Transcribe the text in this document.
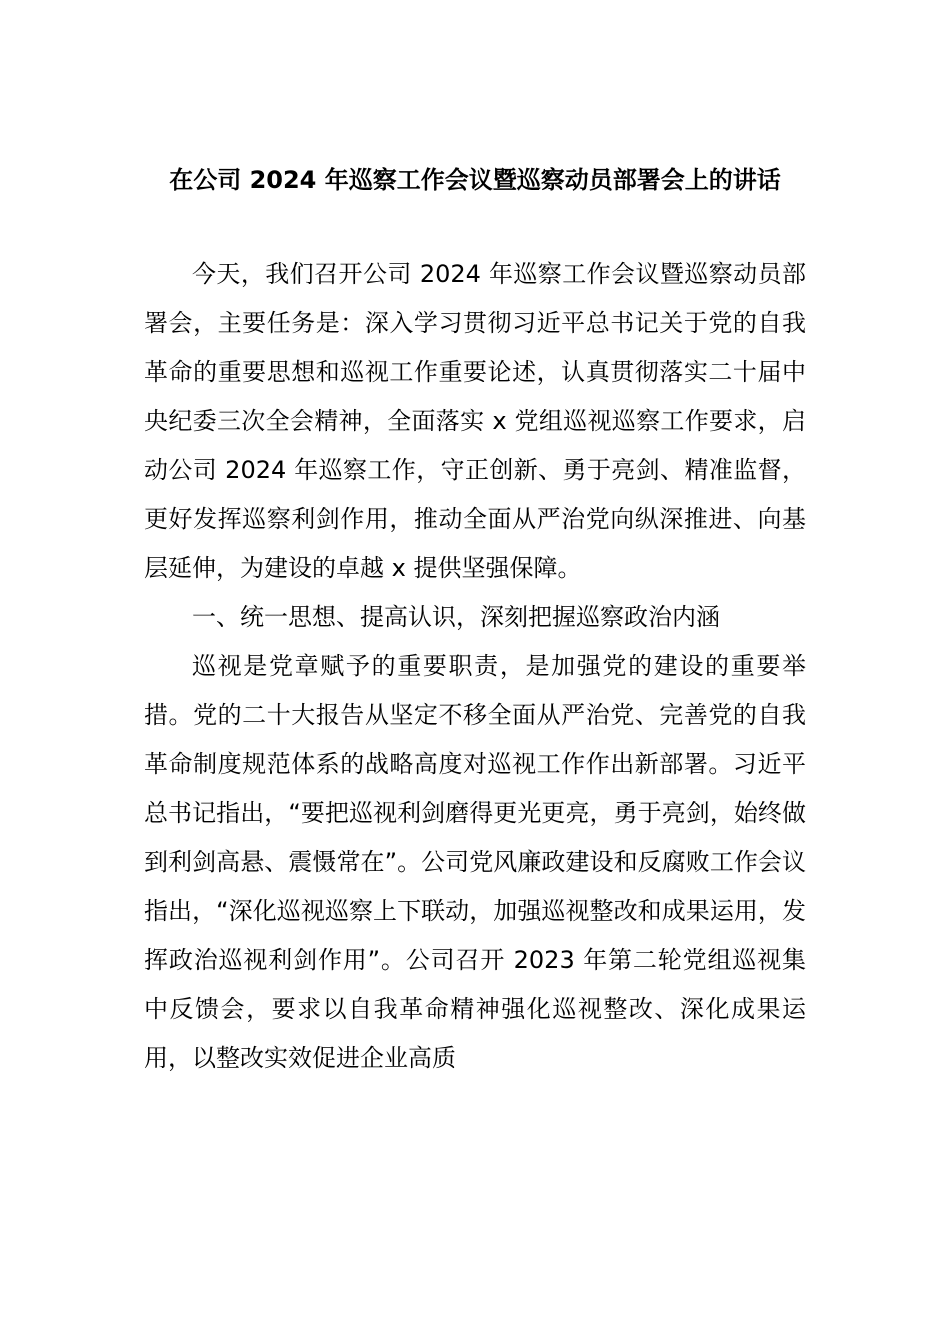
在公司 2024 年巡察工作会议暨巡察动员部署会上的讲话

今天，我们召开公司 2024 年巡察工作会议暨巡察动员部署会，主要任务是：深入学习贯彻习近平总书记关于党的自我革命的重要思想和巡视工作重要论述，认真贯彻落实二十届中央纪委三次全会精神，全面落实 x 党组巡视巡察工作要求，启动公司 2024 年巡察工作，守正创新、勇于亮剑、精准监督，更好发挥巡察利剑作用，推动全面从严治党向纵深推进、向基层延伸，为建设的卓越 x 提供坚强保障。

一、统一思想、提高认识，深刻把握巡察政治内涵

巡视是党章赋予的重要职责，是加强党的建设的重要举措。党的二十大报告从坚定不移全面从严治党、完善党的自我革命制度规范体系的战略高度对巡视工作作出新部署。习近平总书记指出，“要把巡视利剑磨得更光更亮，勇于亮剑，始终做到利剑高悬、震慑常在”。公司党风廉政建设和反腐败工作会议指出，“深化巡视巡察上下联动，加强巡视整改和成果运用，发挥政治巡视利剑作用”。公司召开 2023 年第二轮党组巡视集中反馈会，要求以自我革命精神强化巡视整改、深化成果运用，以整改实效促进企业高质
